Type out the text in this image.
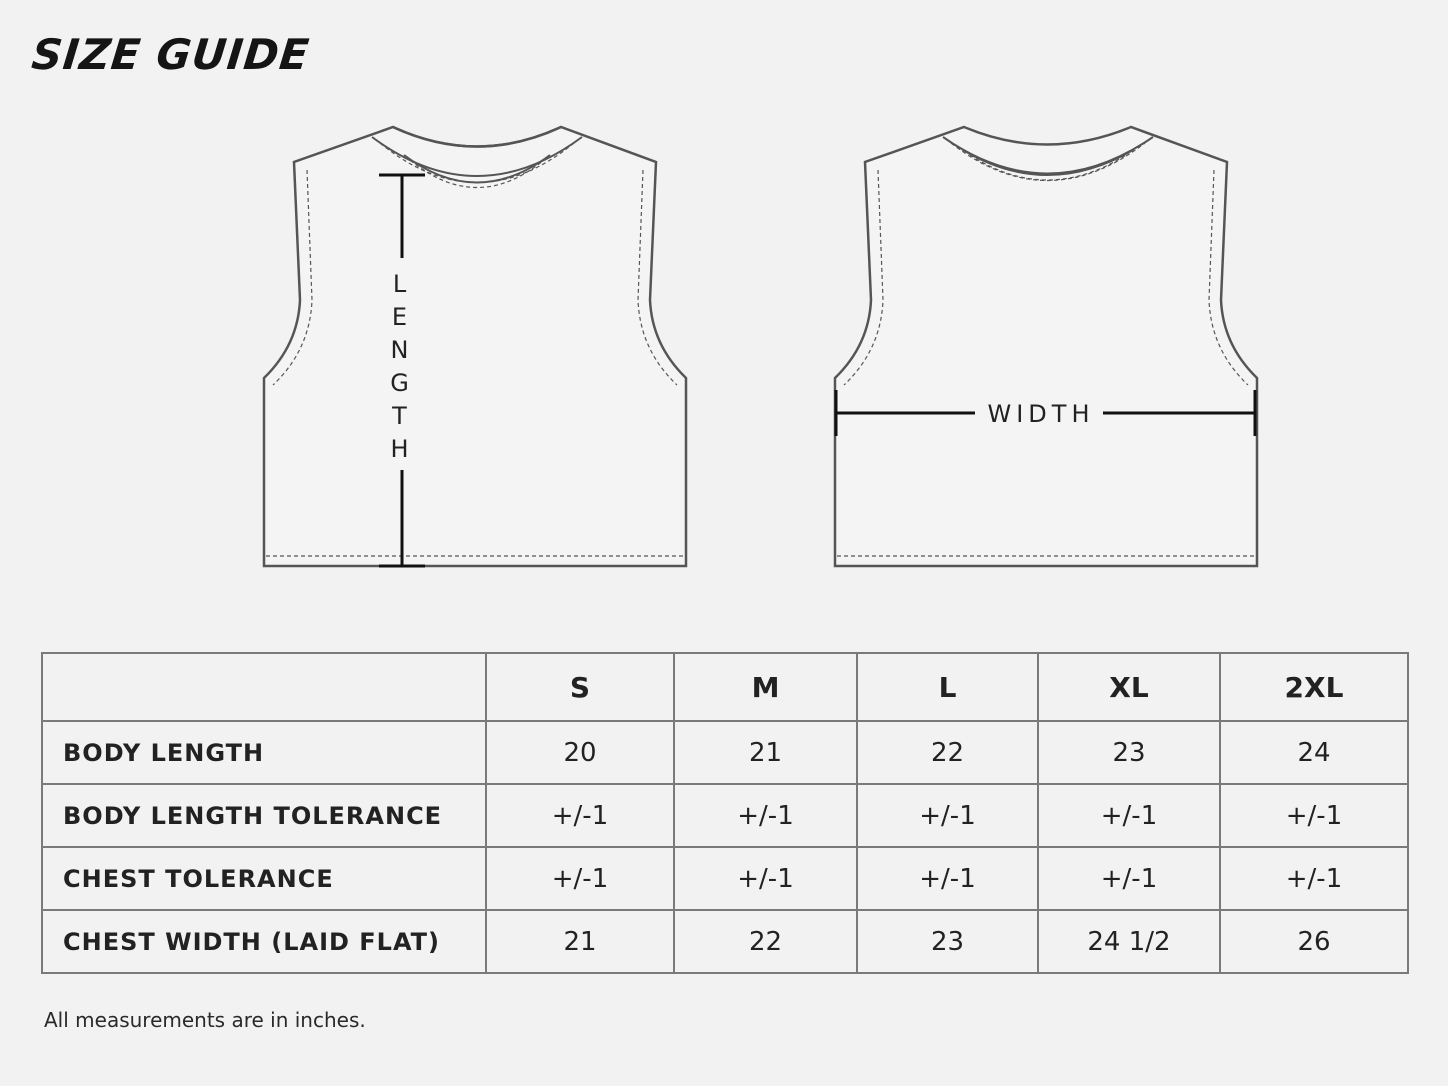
SIZE GUIDE
L
E
N
G
T
H
WIDTH
	S	M	L	XL	2XL
BODY LENGTH	20	21	22	23	24
BODY LENGTH TOLERANCE	+/-1	+/-1	+/-1	+/-1	+/-1
CHEST TOLERANCE	+/-1	+/-1	+/-1	+/-1	+/-1
CHEST WIDTH (LAID FLAT)	21	22	23	24 1/2	26
All measurements are in inches.
